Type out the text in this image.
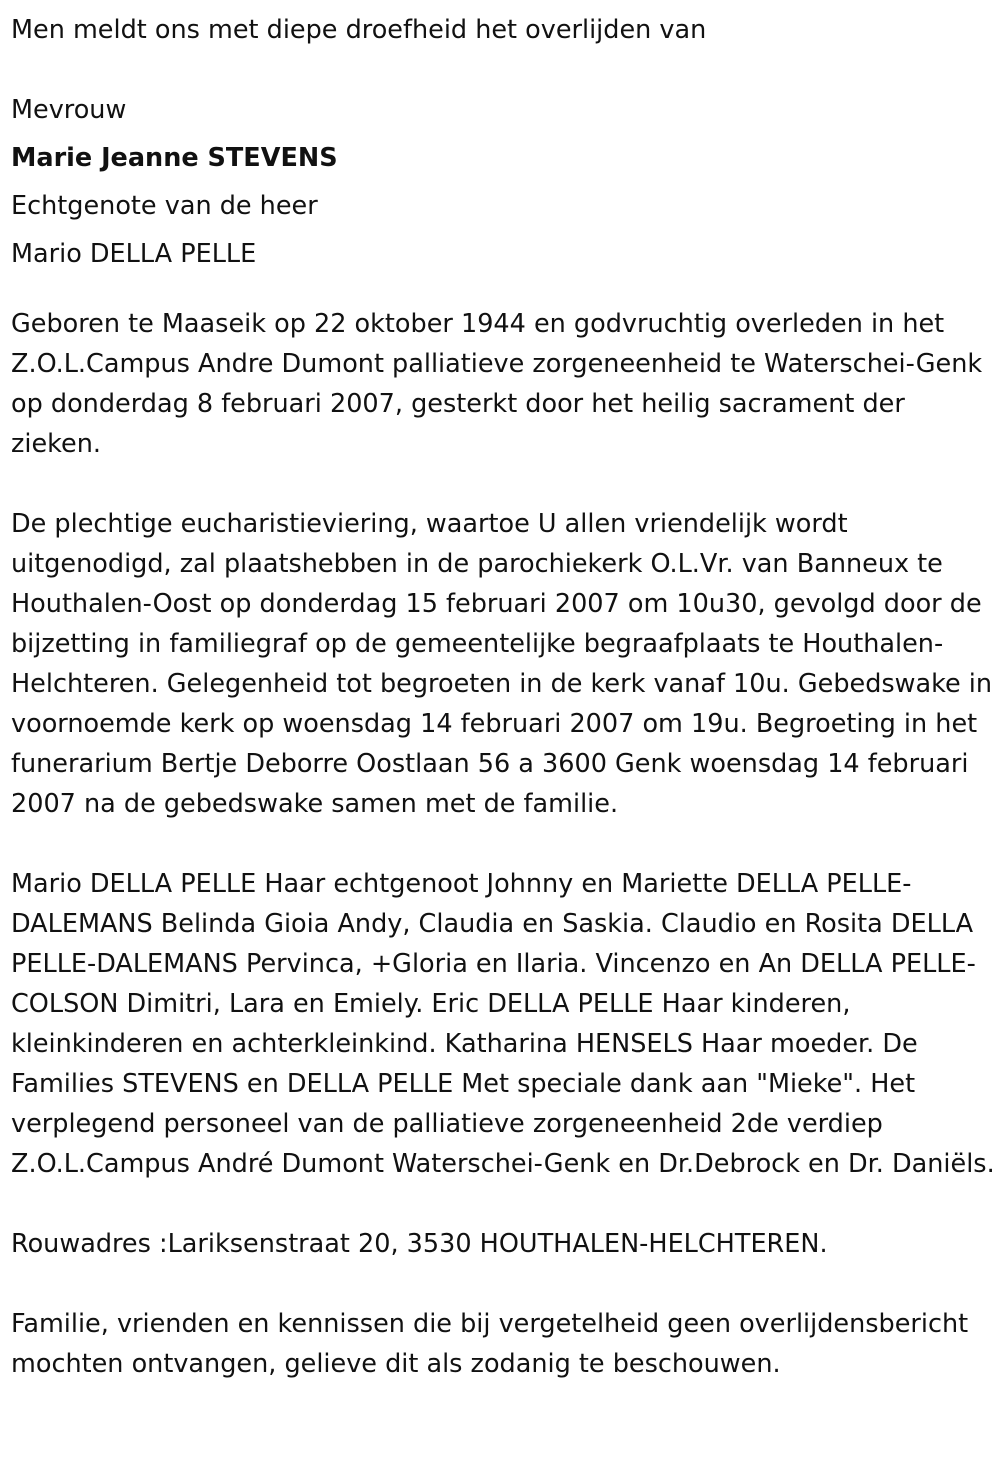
Men meldt ons met diepe droefheid het overlijden van

Mevrouw

Marie Jeanne STEVENS

Echtgenote van de heer

Mario DELLA PELLE

Geboren te Maaseik op 22 oktober 1944 en godvruchtig overleden in het Z.O.L.Campus Andre Dumont palliatieve zorgeneenheid te Waterschei-Genk op donderdag 8 februari 2007, gesterkt door het heilig sacrament der zieken.

De plechtige eucharistieviering, waartoe U allen vriendelijk wordt uitgenodigd, zal plaatshebben in de parochiekerk O.L.Vr. van Banneux te Houthalen-Oost op donderdag 15 februari 2007 om 10u30, gevolgd door de bijzetting in familiegraf op de gemeentelijke begraafplaats te Houthalen-Helchteren. Gelegenheid tot begroeten in de kerk vanaf 10u. Gebedswake in voornoemde kerk op woensdag 14 februari 2007 om 19u. Begroeting in het funerarium Bertje Deborre Oostlaan 56 a 3600 Genk woensdag 14 februari 2007 na de gebedswake samen met de familie.

Mario DELLA PELLE Haar echtgenoot Johnny en Mariette DELLA PELLE-DALEMANS Belinda Gioia Andy, Claudia en Saskia. Claudio en Rosita DELLA PELLE-DALEMANS Pervinca, +Gloria en Ilaria. Vincenzo en An DELLA PELLE-COLSON Dimitri, Lara en Emiely. Eric DELLA PELLE Haar kinderen, kleinkinderen en achterkleinkind. Katharina HENSELS Haar moeder. De Families STEVENS en DELLA PELLE Met speciale dank aan "Mieke". Het verplegend personeel van de palliatieve zorgeneenheid 2de verdiep Z.O.L.Campus André Dumont Waterschei-Genk en Dr.Debrock en Dr. Daniëls.

Rouwadres :Lariksenstraat 20, 3530 HOUTHALEN-HELCHTEREN.

Familie, vrienden en kennissen die bij vergetelheid geen overlijdensbericht mochten ontvangen, gelieve dit als zodanig te beschouwen.
